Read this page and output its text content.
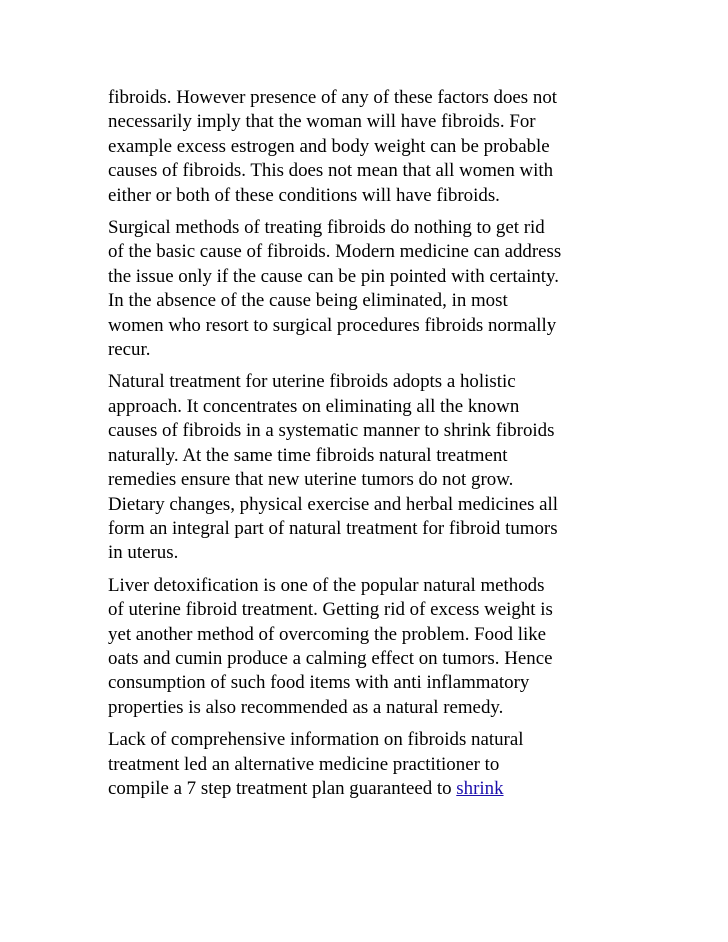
fibroids. However presence of any of these factors does not
necessarily imply that the woman will have fibroids. For
example excess estrogen and body weight can be probable
causes of fibroids. This does not mean that all women with
either or both of these conditions will have fibroids.

Surgical methods of treating fibroids do nothing to get rid
of the basic cause of fibroids. Modern medicine can address
the issue only if the cause can be pin pointed with certainty.
In the absence of the cause being eliminated, in most
women who resort to surgical procedures fibroids normally
recur.

Natural treatment for uterine fibroids adopts a holistic
approach. It concentrates on eliminating all the known
causes of fibroids in a systematic manner to shrink fibroids
naturally. At the same time fibroids natural treatment
remedies ensure that new uterine tumors do not grow.
Dietary changes, physical exercise and herbal medicines all
form an integral part of natural treatment for fibroid tumors
in uterus.

Liver detoxification is one of the popular natural methods
of uterine fibroid treatment. Getting rid of excess weight is
yet another method of overcoming the problem. Food like
oats and cumin produce a calming effect on tumors. Hence
consumption of such food items with anti inflammatory
properties is also recommended as a natural remedy.

Lack of comprehensive information on fibroids natural
treatment led an alternative medicine practitioner to
compile a 7 step treatment plan guaranteed to shrink
